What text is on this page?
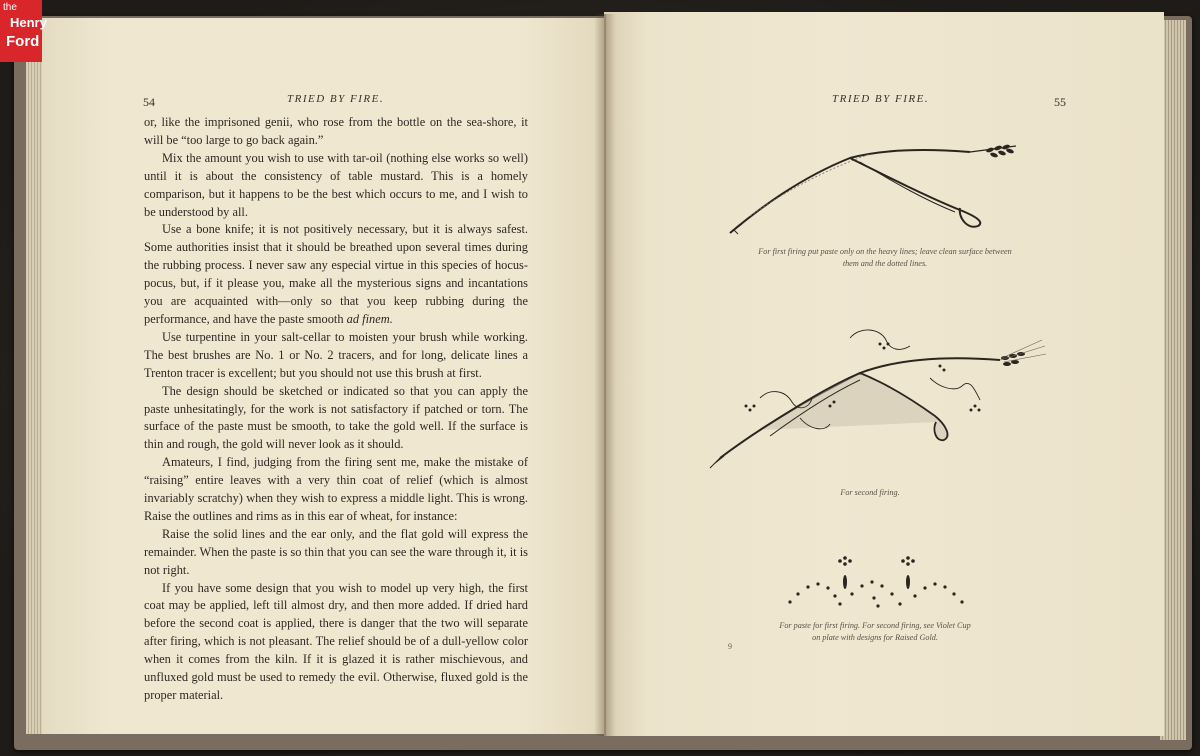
the
Henry
Ford
54	TRIED BY FIRE.

or, like the imprisoned genii, who rose from the bottle on the sea-shore, it will be “too large to go back again.”

Mix the amount you wish to use with tar-oil (nothing else works so well) until it is about the consistency of table mustard. This is a homely comparison, but it happens to be the best which occurs to me, and I wish to be understood by all.

Use a bone knife; it is not positively necessary, but it is always safest. Some authorities insist that it should be breathed upon several times during the rubbing process. I never saw any especial virtue in this species of hocus-pocus, but, if it please you, make all the mysterious signs and incantations you are acquainted with—only so that you keep rubbing during the performance, and have the paste smooth ad finem.

Use turpentine in your salt-cellar to moisten your brush while working. The best brushes are No. 1 or No. 2 tracers, and for long, delicate lines a Trenton tracer is excellent; but you should not use this brush at first.

The design should be sketched or indicated so that you can apply the paste unhesitatingly, for the work is not satisfactory if patched or torn. The surface of the paste must be smooth, to take the gold well. If the surface is thin and rough, the gold will never look as it should.

Amateurs, I find, judging from the firing sent me, make the mistake of “raising” entire leaves with a very thin coat of relief (which is almost invariably scratchy) when they wish to express a middle light. This is wrong. Raise the outlines and rims as in this ear of wheat, for instance:

Raise the solid lines and the ear only, and the flat gold will express the remainder. When the paste is so thin that you can see the ware through it, it is not right.

If you have some design that you wish to model up very high, the first coat may be applied, left till almost dry, and then more added. If dried hard before the second coat is applied, there is danger that the two will separate after firing, which is not pleasant. The relief should be of a dull-yellow color when it comes from the kiln. If it is glazed it is rather mischievous, and unfluxed gold must be used to remedy the evil. Otherwise, fluxed gold is the proper material.

TRIED BY FIRE.	55
For first firing put paste only on the heavy lines; leave clean surface between
them and the dotted lines.
For second firing.
For paste for first firing. For second firing, see Violet Cup
on plate with designs for Raised Gold.
9
